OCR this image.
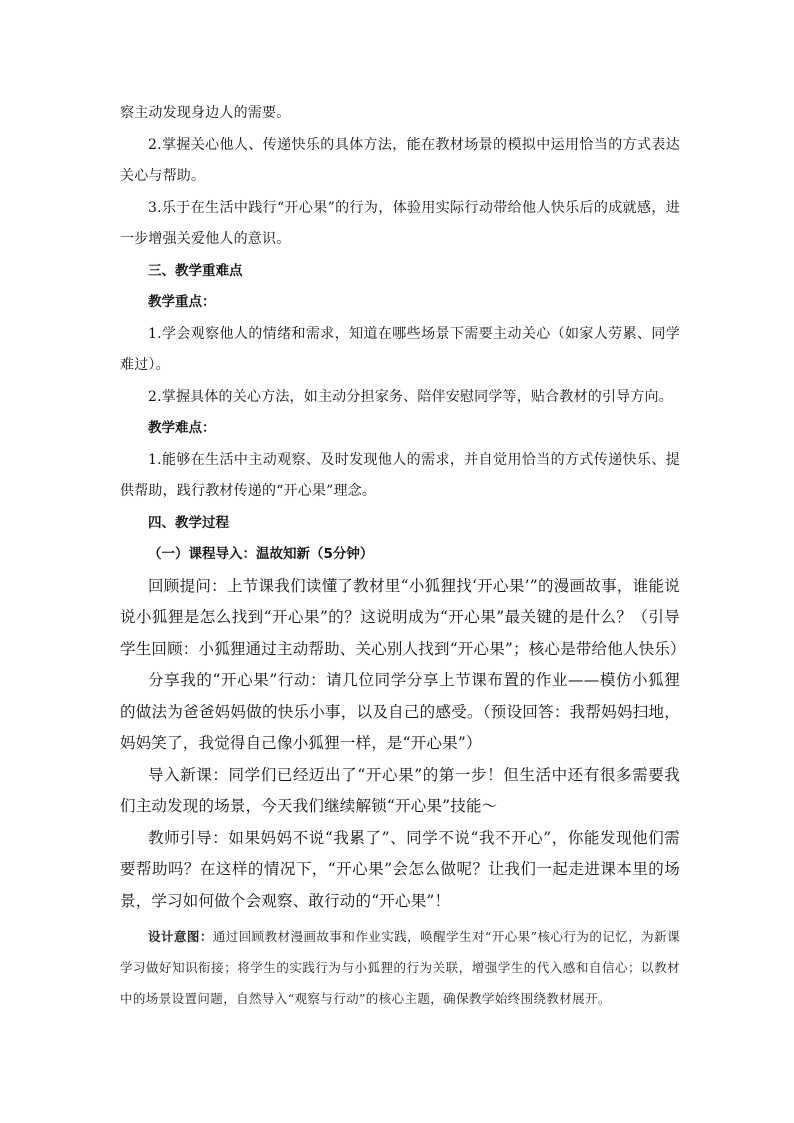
察主动发现身边人的需要。

2.掌握关心他人、传递快乐的具体方法，能在教材场景的模拟中运用恰当的方式表达关心与帮助。

3.乐于在生活中践行“开心果”的行为，体验用实际行动带给他人快乐后的成就感，进一步增强关爱他人的意识。

三、教学重难点

教学重点：

1.学会观察他人的情绪和需求，知道在哪些场景下需要主动关心（如家人劳累、同学难过）。

2.掌握具体的关心方法，如主动分担家务、陪伴安慰同学等，贴合教材的引导方向。

教学难点：

1.能够在生活中主动观察、及时发现他人的需求，并自觉用恰当的方式传递快乐、提供帮助，践行教材传递的“开心果”理念。

四、教学过程

（一）课程导入：温故知新（5分钟）

回顾提问：上节课我们读懂了教材里“小狐狸找‘开心果’”的漫画故事，谁能说说小狐狸是怎么找到“开心果”的？这说明成为“开心果”最关键的是什么？（引导学生回顾：小狐狸通过主动帮助、关心别人找到“开心果”；核心是带给他人快乐）

分享我的“开心果”行动：请几位同学分享上节课布置的作业——模仿小狐狸的做法为爸爸妈妈做的快乐小事，以及自己的感受。（预设回答：我帮妈妈扫地，妈妈笑了，我觉得自己像小狐狸一样，是“开心果”）

导入新课：同学们已经迈出了“开心果”的第一步！但生活中还有很多需要我们主动发现的场景，今天我们继续解锁“开心果”技能～

教师引导：如果妈妈不说“我累了”、同学不说“我不开心”，你能发现他们需要帮助吗？在这样的情况下，“开心果”会怎么做呢？让我们一起走进课本里的场景，学习如何做个会观察、敢行动的“开心果”！

设计意图：通过回顾教材漫画故事和作业实践，唤醒学生对“开心果”核心行为的记忆，为新课学习做好知识衔接；将学生的实践行为与小狐狸的行为关联，增强学生的代入感和自信心；以教材中的场景设置问题，自然导入“观察与行动”的核心主题，确保教学始终围绕教材展开。
